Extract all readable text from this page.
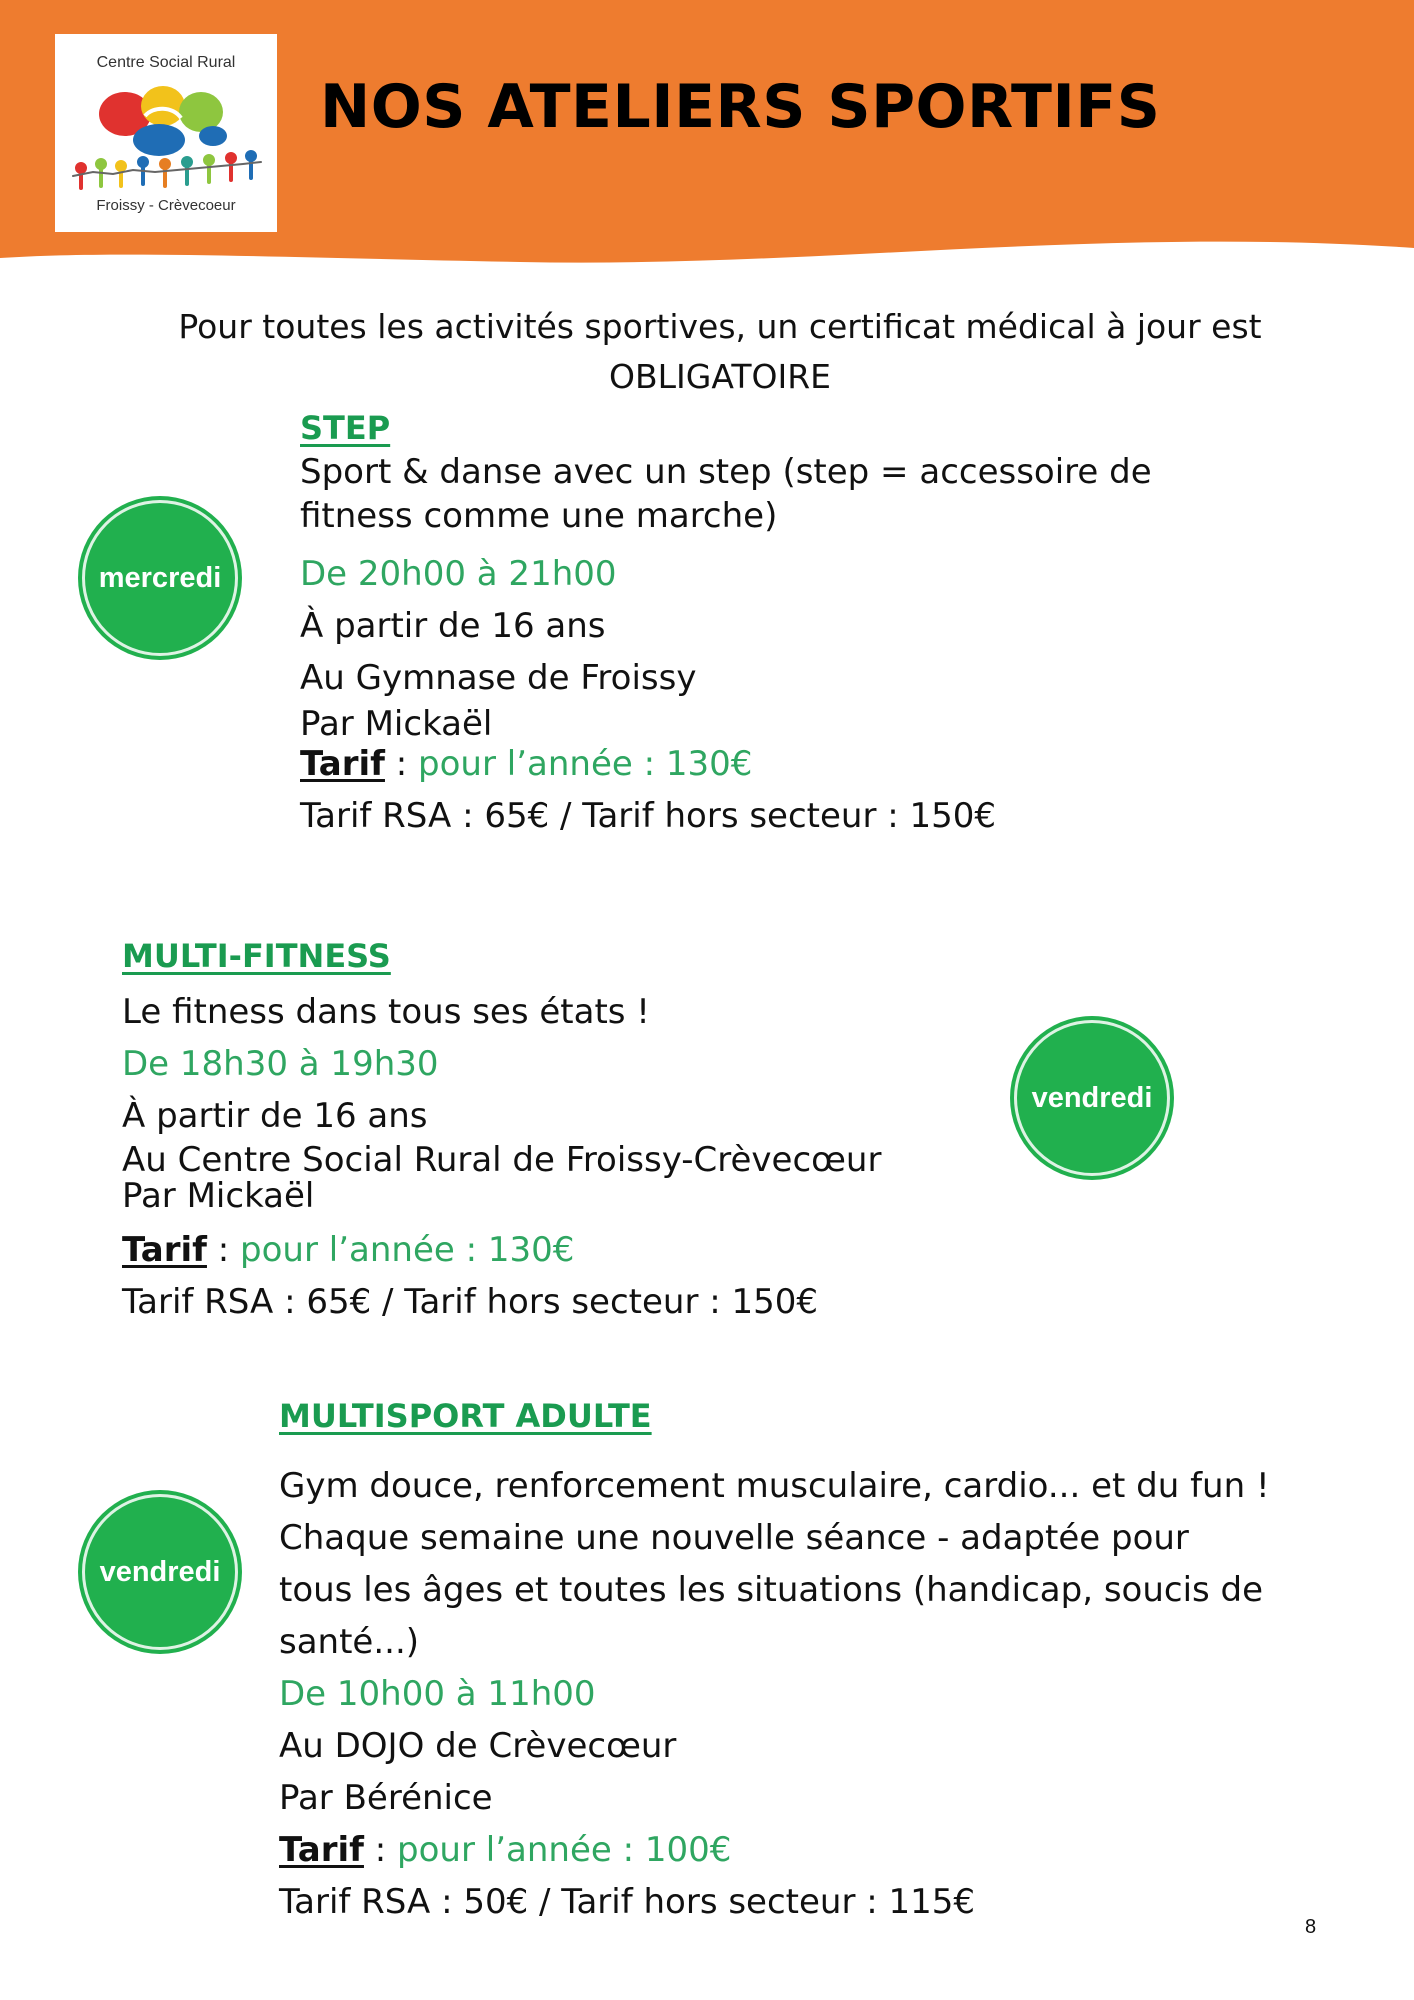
Centre Social Rural
Froissy - Crèvecoeur
NOS ATELIERS SPORTIFS
Pour toutes les activités sportives, un certificat médical à jour est
OBLIGATOIRE
mercredi
STEP

Sport & danse avec un step (step = accessoire de

fitness comme une marche)

De 20h00 à 21h00

À partir de 16 ans

Au Gymnase de Froissy

Par Mickaël

Tarif : pour l’année : 130€

Tarif RSA : 65€ / Tarif hors secteur : 150€

MULTI-FITNESS

Le fitness dans tous ses états !

De 18h30 à 19h30

À partir de 16 ans

Au Centre Social Rural de Froissy-Crèvecœur

Par Mickaël

Tarif : pour l’année : 130€

Tarif RSA : 65€ / Tarif hors secteur : 150€

vendredi
vendredi
MULTISPORT ADULTE

Gym douce, renforcement musculaire, cardio... et du fun !

Chaque semaine une nouvelle séance - adaptée pour

tous les âges et toutes les situations (handicap, soucis de

santé...)

De 10h00 à 11h00

Au DOJO de Crèvecœur

Par Bérénice

Tarif : pour l’année : 100€

Tarif RSA : 50€ / Tarif hors secteur : 115€

8
